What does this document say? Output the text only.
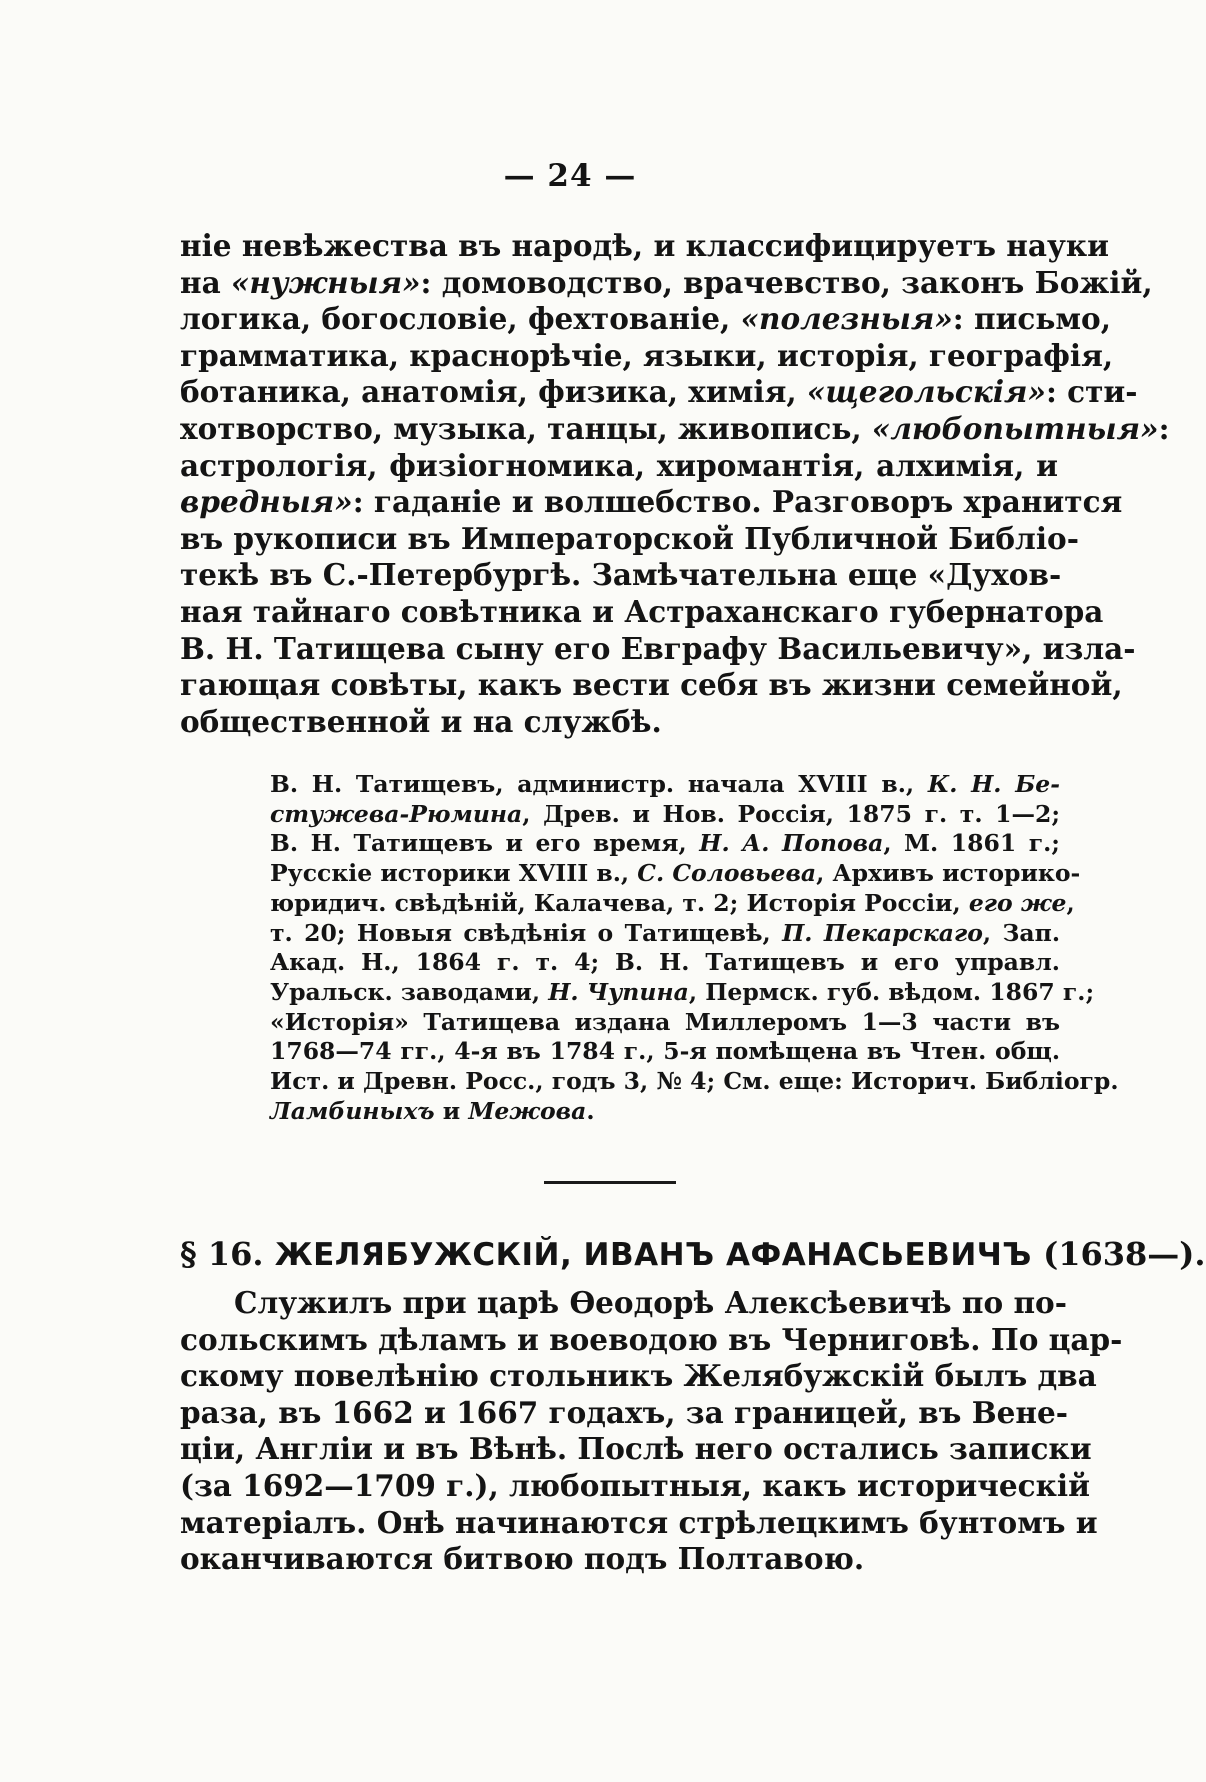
— 24 —
ніе невѣжества въ народѣ, и классифицируетъ науки
на «нужныя»: домоводство, врачевство, законъ Божій,
логика, богословіе, фехтованіе, «полезныя»: письмо,
грамматика, краснорѣчіе, языки, исторія, географія,
ботаника, анатомія, физика, химія, «щегольскія»: сти-
хотворство, музыка, танцы, живопись, «любопытныя»:
астрологія, физіогномика, хиромантія, алхимія, и
вредныя»: гаданіе и волшебство. Разговоръ хранится
въ рукописи въ Императорской Публичной Библіо-
текѣ въ С.-Петербургѣ. Замѣчательна еще «Духов-
ная тайнаго совѣтника и Астраханскаго губернатора
В. Н. Татищева сыну его Евграфу Васильевичу», изла-
гающая совѣты, какъ вести себя въ жизни семейной,
общественной и на службѣ.
В. Н. Татищевъ, администр. начала XVIII в., К. Н. Бе-
стужева-Рюмина, Древ. и Нов. Россія, 1875 г. т. 1—2;
В. Н. Татищевъ и его время, Н. А. Попова, М. 1861 г.;
Русскіе историки XVIII в., С. Соловьева, Архивъ историко-
юридич. свѣдѣній, Калачева, т. 2; Исторія Россіи, его же,
т. 20; Новыя свѣдѣнія о Татищевѣ, П. Пекарскаго, Зап.
Акад. Н., 1864 г. т. 4; В. Н. Татищевъ и его управл.
Уральск. заводами, Н. Чупина, Пермск. губ. вѣдом. 1867 г.;
«Исторія» Татищева издана Миллеромъ 1—3 части въ
1768—74 гг., 4-я въ 1784 г., 5-я помѣщена въ Чтен. общ.
Ист. и Древн. Росс., годъ 3, № 4; См. еще: Историч. Библіогр.
Ламбиныхъ и Межова.
§ 16. ЖЕЛЯБУЖСКІЙ, ИВАНЪ АФАНАСЬЕВИЧЪ (1638—).
Служилъ при царѣ Ѳеодорѣ Алексѣевичѣ по по-
сольскимъ дѣламъ и воеводою въ Черниговѣ. По цар-
скому повелѣнію стольникъ Желябужскій былъ два
раза, въ 1662 и 1667 годахъ, за границей, въ Вене-
ціи, Англіи и въ Вѣнѣ. Послѣ него остались записки
(за 1692—1709 г.), любопытныя, какъ историческій
матеріалъ. Онѣ начинаются стрѣлецкимъ бунтомъ и
оканчиваются битвою подъ Полтавою.
